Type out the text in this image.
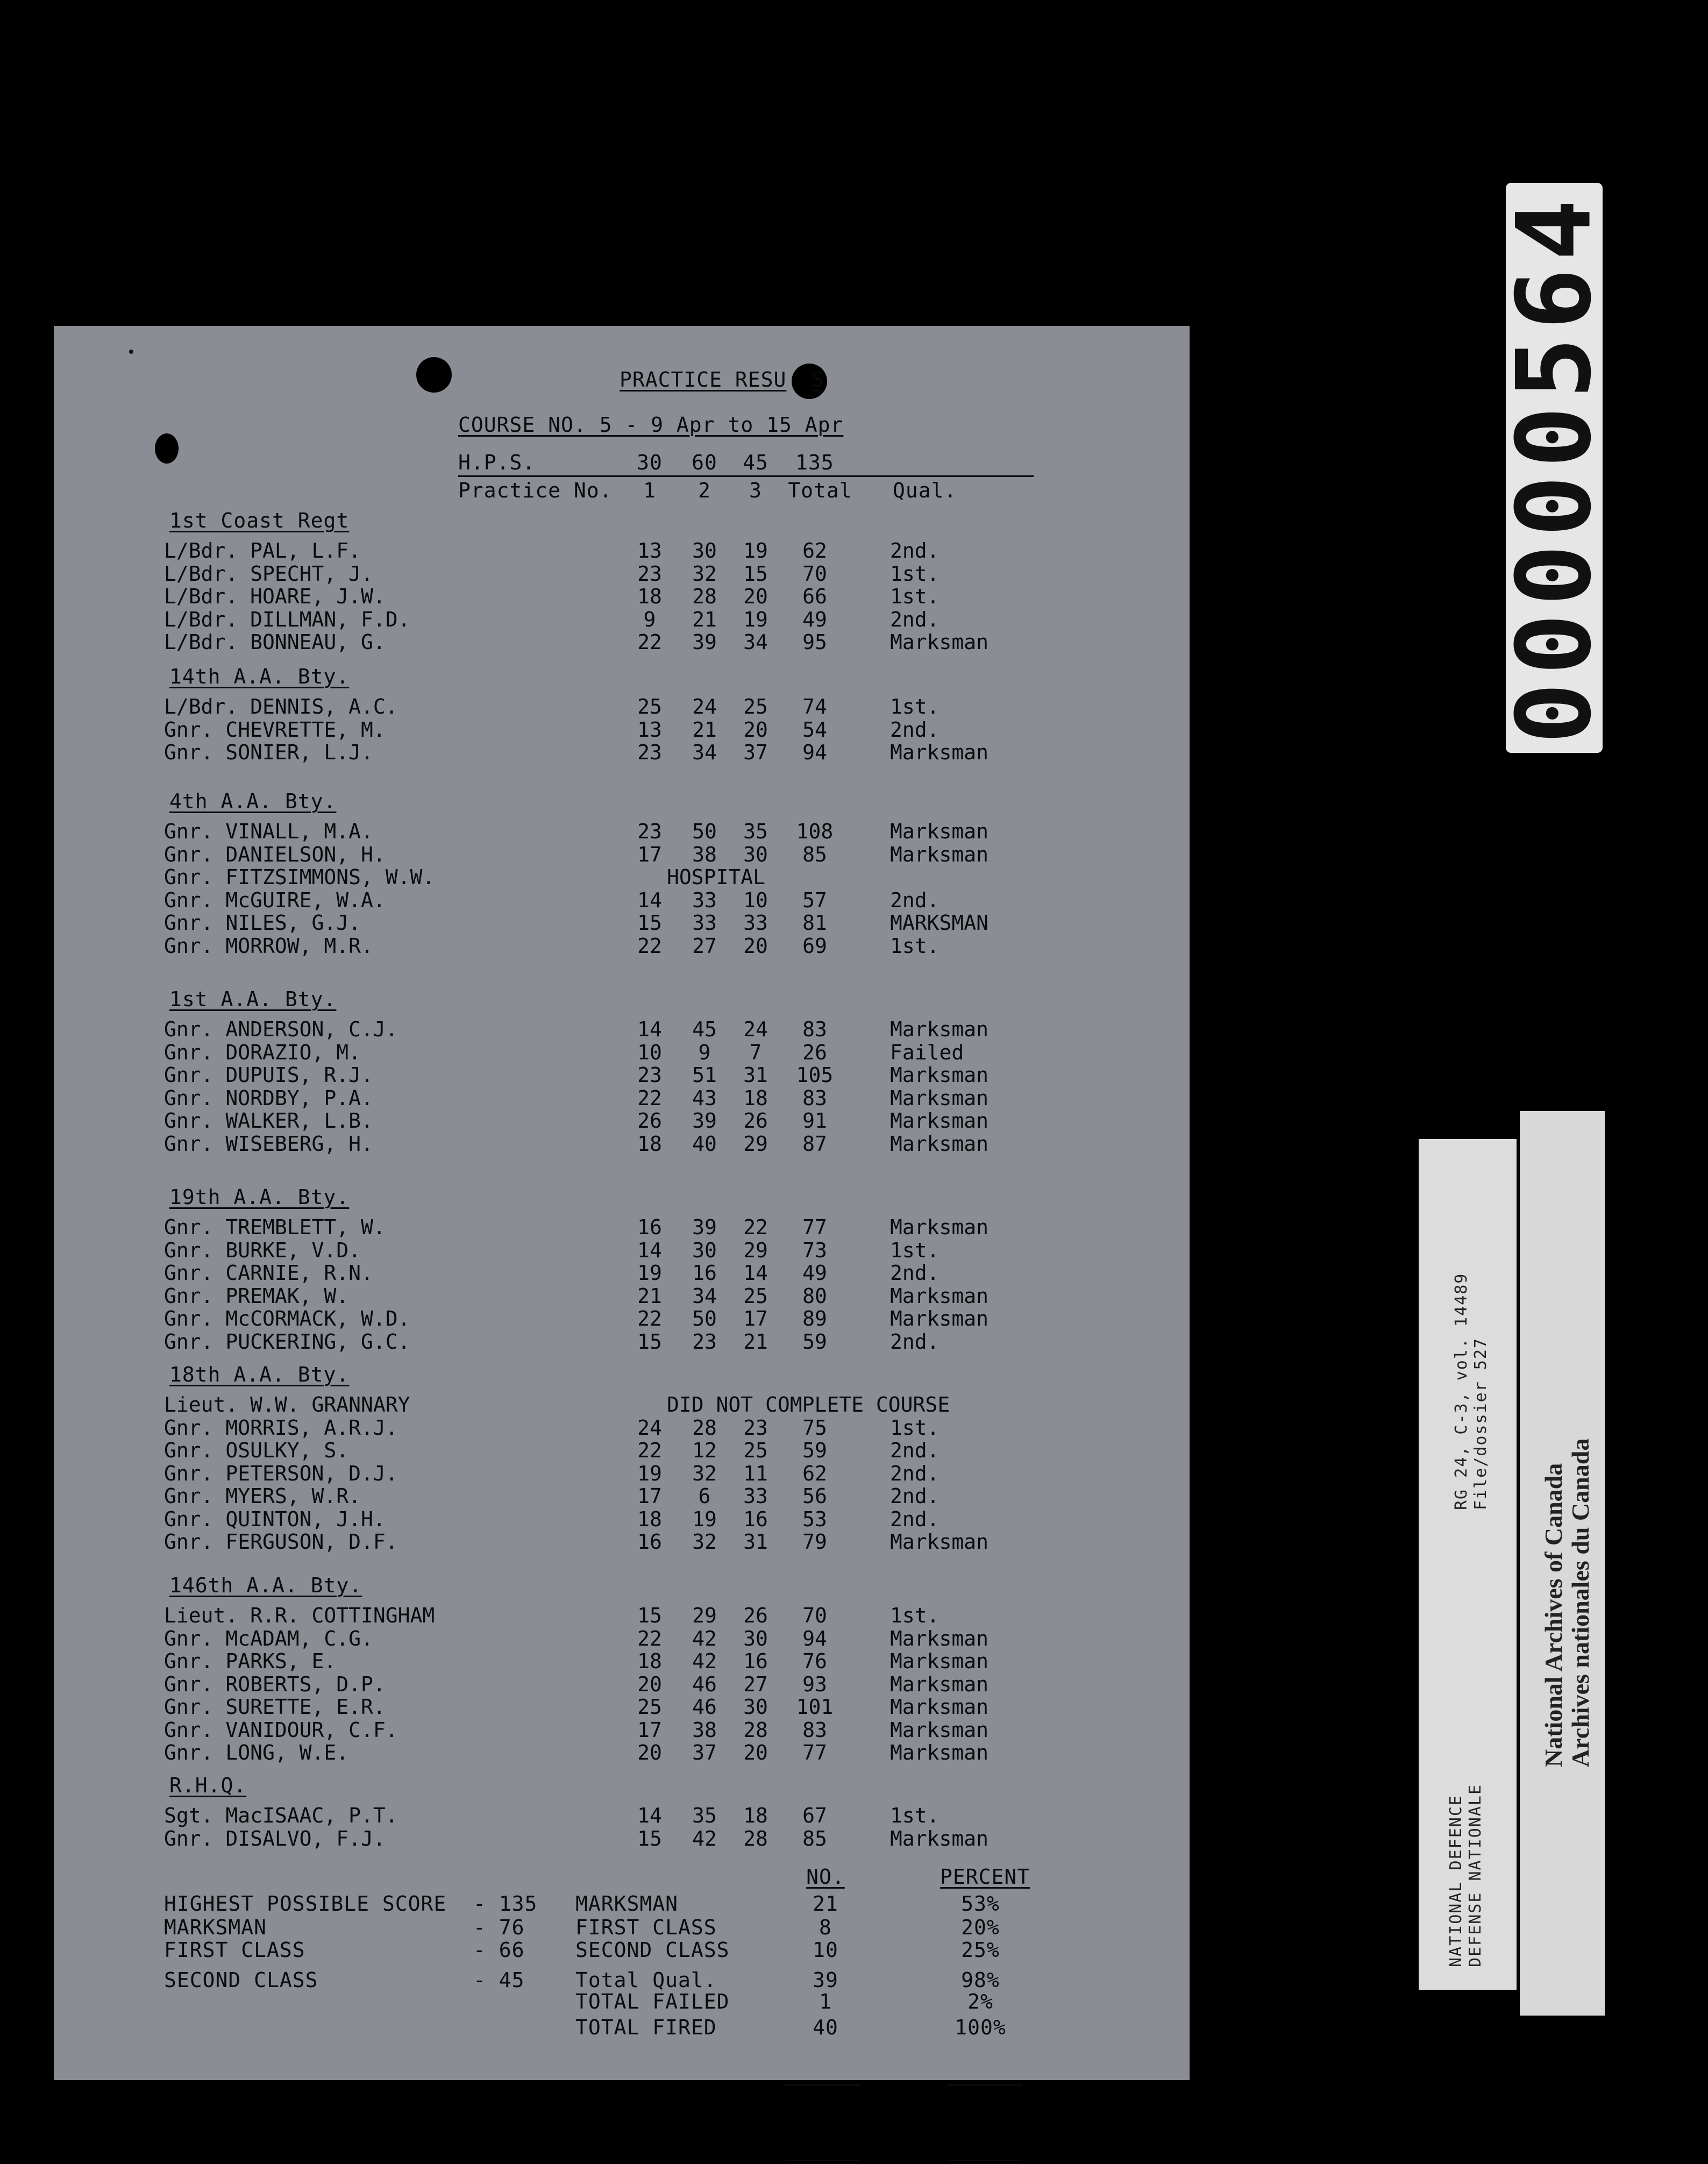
PRACTICE RESU S
COURSE NO. 5 - 9 Apr to 15 Apr
H.P.S.	30	60	45	135
Practice No.	1	2	3	Total Qual.
1st Coast Regt
L/Bdr. PAL, L.F.	13	30	19	62	2nd.
L/Bdr. SPECHT, J.	23	32	15	70	1st.
L/Bdr. HOARE, J.W.	18	28	20	66	1st.
L/Bdr. DILLMAN, F.D.	9	21	19	49	2nd.
L/Bdr. BONNEAU, G.	22	39	34	95	Marksman
14th A.A. Bty.
L/Bdr. DENNIS, A.C.	25	24	25	74	1st.
Gnr. CHEVRETTE, M.	13	21	20	54	2nd.
Gnr. SONIER, L.J.	23	34	37	94	Marksman
4th A.A. Bty.
Gnr. VINALL, M.A.	23	50	35	108	Marksman
Gnr. DANIELSON, H.	17	38	30	85	Marksman
Gnr. FITZSIMMONS, W.W.	HOSPITAL
Gnr. McGUIRE, W.A.	14	33	10	57	2nd.
Gnr. NILES, G.J.	15	33	33	81	MARKSMAN
Gnr. MORROW, M.R.	22	27	20	69	1st.
1st A.A. Bty.
Gnr. ANDERSON, C.J.	14	45	24	83	Marksman
Gnr. DORAZIO, M.	10	9	7	26	Failed
Gnr. DUPUIS, R.J.	23	51	31	105	Marksman
Gnr. NORDBY, P.A.	22	43	18	83	Marksman
Gnr. WALKER, L.B.	26	39	26	91	Marksman
Gnr. WISEBERG, H.	18	40	29	87	Marksman
19th A.A. Bty.
Gnr. TREMBLETT, W.	16	39	22	77	Marksman
Gnr. BURKE, V.D.	14	30	29	73	1st.
Gnr. CARNIE, R.N.	19	16	14	49	2nd.
Gnr. PREMAK, W.	21	34	25	80	Marksman
Gnr. McCORMACK, W.D.	22	50	17	89	Marksman
Gnr. PUCKERING, G.C.	15	23	21	59	2nd.
18th A.A. Bty.
Lieut. W.W. GRANNARY	DID NOT COMPLETE COURSE
Gnr. MORRIS, A.R.J.	24	28	23	75	1st.
Gnr. OSULKY, S.	22	12	25	59	2nd.
Gnr. PETERSON, D.J.	19	32	11	62	2nd.
Gnr. MYERS, W.R.	17	6	33	56	2nd.
Gnr. QUINTON, J.H.	18	19	16	53	2nd.
Gnr. FERGUSON, D.F.	16	32	31	79	Marksman
146th A.A. Bty.
Lieut. R.R. COTTINGHAM	15	29	26	70	1st.
Gnr. McADAM, C.G.	22	42	30	94	Marksman
Gnr. PARKS, E.	18	42	16	76	Marksman
Gnr. ROBERTS, D.P.	20	46	27	93	Marksman
Gnr. SURETTE, E.R.	25	46	30	101	Marksman
Gnr. VANIDOUR, C.F.	17	38	28	83	Marksman
Gnr. LONG, W.E.	20	37	20	77	Marksman
R.H.Q.
Sgt. MacISAAC, P.T.	14	35	18	67	1st.
Gnr. DISALVO, F.J.	15	42	28	85	Marksman
NO.	PERCENT
HIGHEST POSSIBLE SCORE - 135
MARKSMAN	- 76
FIRST CLASS	- 66
SECOND CLASS	- 45
MARKSMAN	21	53%
FIRST CLASS	8	20%
SECOND CLASS	10	25%
Total Qual.	39	98%
TOTAL FAILED	1	2%
TOTAL FIRED	40	100%
00000564
NATIONAL DEFENCE DEFENSE NATIONALE
RG 24, C-3, vol. 14489 File/dossier 527
National Archives of Canada Archives nationales du Canada
